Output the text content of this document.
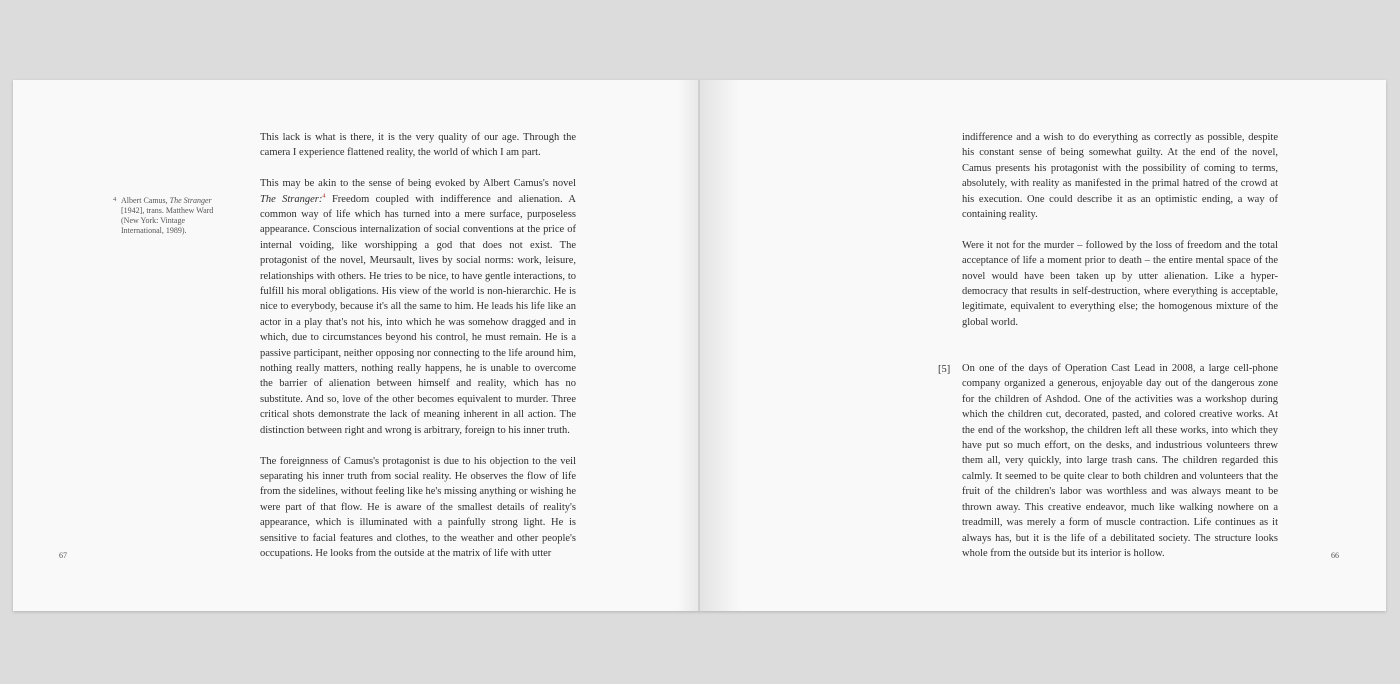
4 Albert Camus, The Stranger [1942], trans. Matthew Ward (New York: Vintage International, 1989).

This lack is what is there, it is the very quality of our age. Through the camera I experience flattened reality, the world of which I am part.

This may be akin to the sense of being evoked by Albert Camus's novel The Stranger:$^4$ Freedom coupled with indifference and alienation. A common way of life which has turned into a mere surface, purposeless appearance. Conscious internalization of social conventions at the price of internal voiding, like worshipping a god that does not exist. The protagonist of the novel, Meursault, lives by social norms: work, leisure, relationships with others. He tries to be nice, to have gentle interactions, to fulfill his moral obligations. His view of the world is non-hierarchic. He is nice to everybody, because it's all the same to him. He leads his life like an actor in a play that's not his, into which he was somehow dragged and in which, due to circumstances beyond his control, he must remain. He is a passive participant, neither opposing nor connecting to the life around him, nothing really matters, nothing really happens, he is unable to overcome the barrier of alienation between himself and reality, which has no substitute. And so, love of the other becomes equivalent to murder. Three critical shots demonstrate the lack of meaning inherent in all action. The distinction between right and wrong is arbitrary, foreign to his inner truth.

The foreignness of Camus's protagonist is due to his objection to the veil separating his inner truth from social reality. He observes the flow of life from the sidelines, without feeling like he's missing anything or wishing he were part of that flow. He is aware of the smallest details of reality's appearance, which is illuminated with a painfully strong light. He is sensitive to facial features and clothes, to the weather and other people's occupations. He looks from the outside at the matrix of life with utter

67

indifference and a wish to do everything as correctly as possible, despite his constant sense of being somewhat guilty. At the end of the novel, Camus presents his protagonist with the possibility of coming to terms, absolutely, with reality as manifested in the primal hatred of the crowd at his execution. One could describe it as an optimistic ending, a way of containing reality.

Were it not for the murder – followed by the loss of freedom and the total acceptance of life a moment prior to death – the entire mental space of the novel would have been taken up by utter alienation. Like a hyper-democracy that results in self-destruction, where everything is acceptable, legitimate, equivalent to everything else; the homogenous mixture of the global world.

On one of the days of Operation Cast Lead in 2008, a large cell-phone company organized a generous, enjoyable day out of the dangerous zone for the children of Ashdod. One of the activities was a workshop during which the children cut, decorated, pasted, and colored creative works. At the end of the workshop, the children left all these works, into which they have put so much effort, on the desks, and industrious volunteers threw them all, very quickly, into large trash cans. The children regarded this calmly. It seemed to be quite clear to both children and volunteers that the fruit of the children's labor was worthless and was always meant to be thrown away. This creative endeavor, much like walking nowhere on a treadmill, was merely a form of muscle contraction. Life continues as it always has, but it is the life of a debilitated society. The structure looks whole from the outside but its interior is hollow.

[5]
66
